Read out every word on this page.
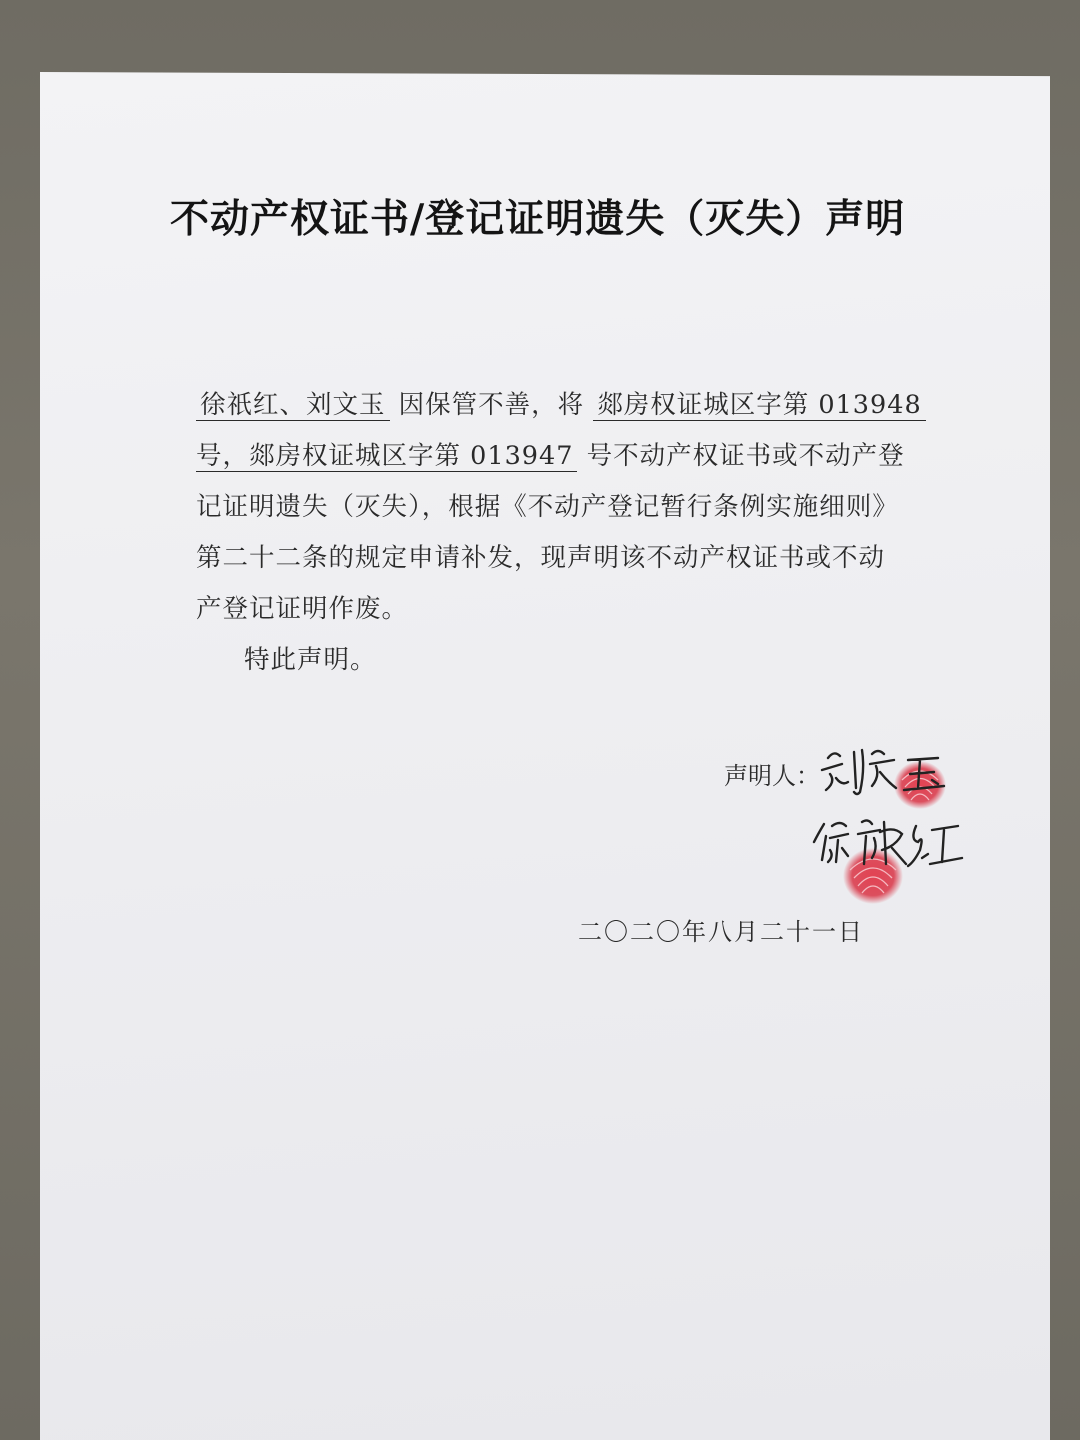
不动产权证书/登记证明遗失（灭失）声明
徐祇红、刘文玉 因保管不善，将 郯房权证城区字第 013948
号，郯房权证城区字第 013947 号不动产权证书或不动产登
记证明遗失（灭失），根据《不动产登记暂行条例实施细则》
第二十二条的规定申请补发，现声明该不动产权证书或不动
产登记证明作废。
特此声明。
声明人：
二〇二〇年八月二十一日
